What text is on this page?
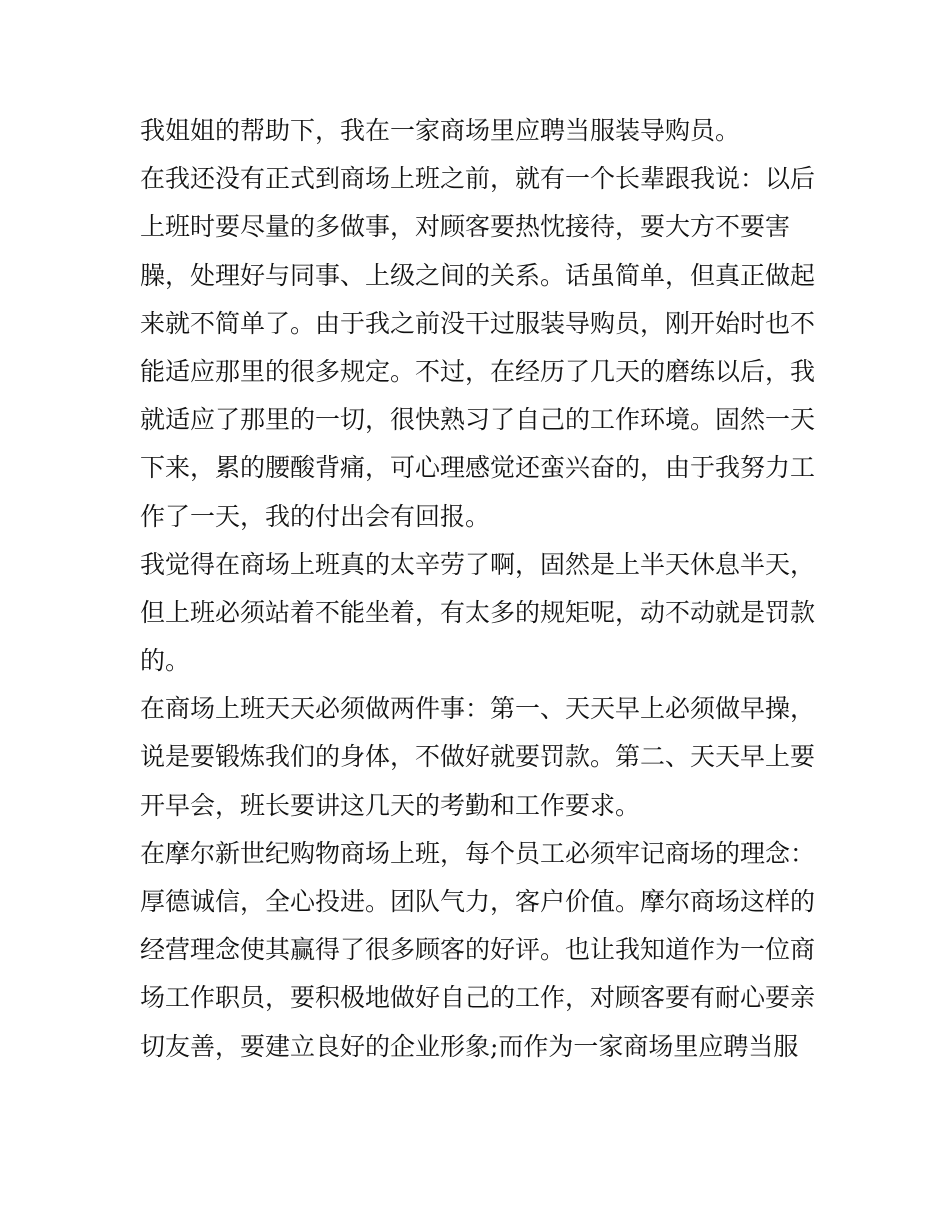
我姐姐的帮助下，我在一家商场里应聘当服装导购员。
在我还没有正式到商场上班之前，就有一个长辈跟我说：以后
上班时要尽量的多做事，对顾客要热忱接待，要大方不要害
臊，处理好与同事、上级之间的关系。话虽简单，但真正做起
来就不简单了。由于我之前没干过服装导购员，刚开始时也不
能适应那里的很多规定。不过，在经历了几天的磨练以后，我
就适应了那里的一切，很快熟习了自己的工作环境。固然一天
下来，累的腰酸背痛，可心理感觉还蛮兴奋的，由于我努力工
作了一天，我的付出会有回报。
我觉得在商场上班真的太辛劳了啊，固然是上半天休息半天，
但上班必须站着不能坐着，有太多的规矩呢，动不动就是罚款
的。
在商场上班天天必须做两件事：第一、天天早上必须做早操，
说是要锻炼我们的身体，不做好就要罚款。第二、天天早上要
开早会，班长要讲这几天的考勤和工作要求。
在摩尔新世纪购物商场上班，每个员工必须牢记商场的理念：
厚德诚信，全心投进。团队气力，客户价值。摩尔商场这样的
经营理念使其赢得了很多顾客的好评。也让我知道作为一位商
场工作职员，要积极地做好自己的工作，对顾客要有耐心要亲
切友善，要建立良好的企业形象;而作为一家商场里应聘当服
